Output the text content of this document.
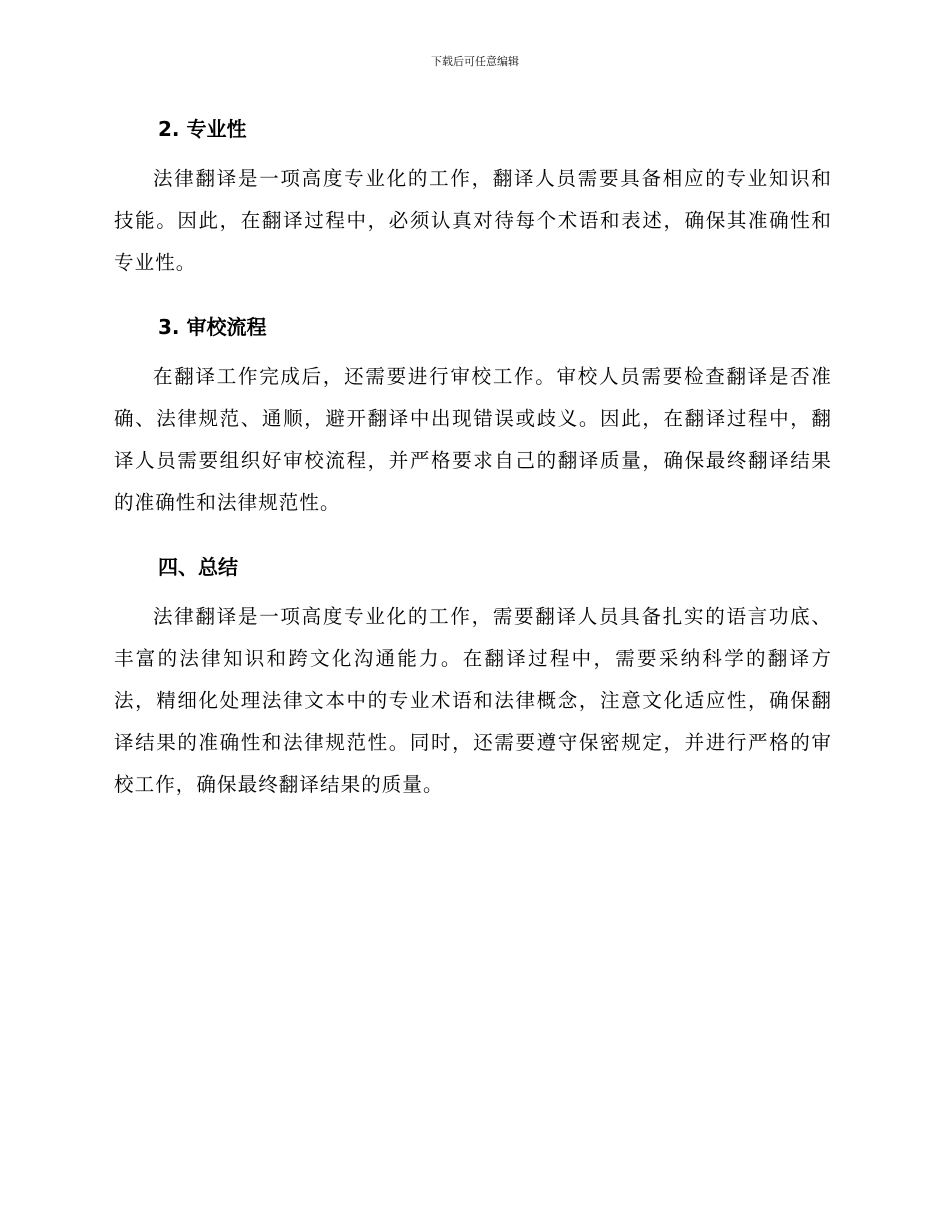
下载后可任意编辑
2. 专业性

法律翻译是一项高度专业化的工作，翻译人员需要具备相应的专业知识和技能。因此，在翻译过程中，必须认真对待每个术语和表述，确保其准确性和专业性。

3. 审校流程

在翻译工作完成后，还需要进行审校工作。审校人员需要检查翻译是否准确、法律规范、通顺，避开翻译中出现错误或歧义。因此，在翻译过程中，翻译人员需要组织好审校流程，并严格要求自己的翻译质量，确保最终翻译结果的准确性和法律规范性。

四、总结

法律翻译是一项高度专业化的工作，需要翻译人员具备扎实的语言功底、丰富的法律知识和跨文化沟通能力。在翻译过程中，需要采纳科学的翻译方法，精细化处理法律文本中的专业术语和法律概念，注意文化适应性，确保翻译结果的准确性和法律规范性。同时，还需要遵守保密规定，并进行严格的审校工作，确保最终翻译结果的质量。
